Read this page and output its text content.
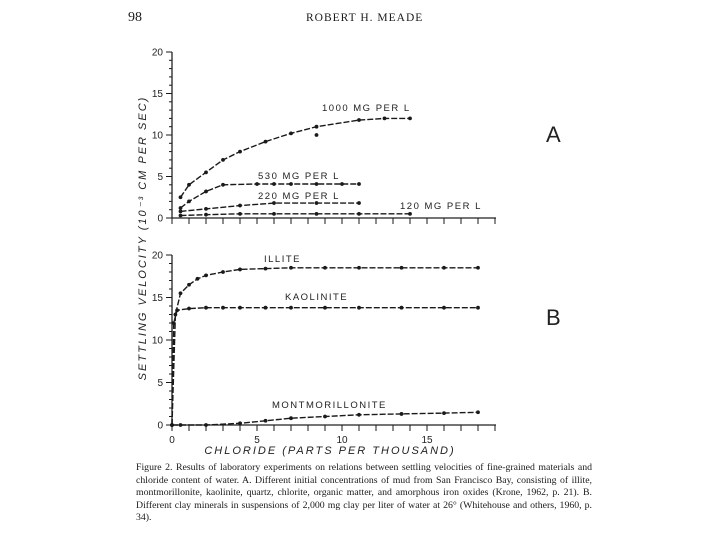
98	ROBERT H. MEADE
0
5
10
15
20
1000 MG PER L
530 MG PER L
220 MG PER L
120 MG PER L
A
0
5
10
15
20
0	5	10	15
ILLITE
KAOLINITE
MONTMORILLONITE
B
SETTLING VELOCITY (10⁻³ CM PER SEC)
CHLORIDE (PARTS PER THOUSAND)
Figure 2. Results of laboratory experiments on relations between settling velocities of fine-grained materials and chloride content of water. A. Different initial concentrations of mud from San Francisco Bay, consisting of illite, montmorillonite, kaolinite, quartz, chlorite, organic matter, and amorphous iron oxides (Krone, 1962, p. 21). B. Different clay minerals in suspensions of 2,000 mg clay per liter of water at 26° (Whitehouse and others, 1960, p. 34).
